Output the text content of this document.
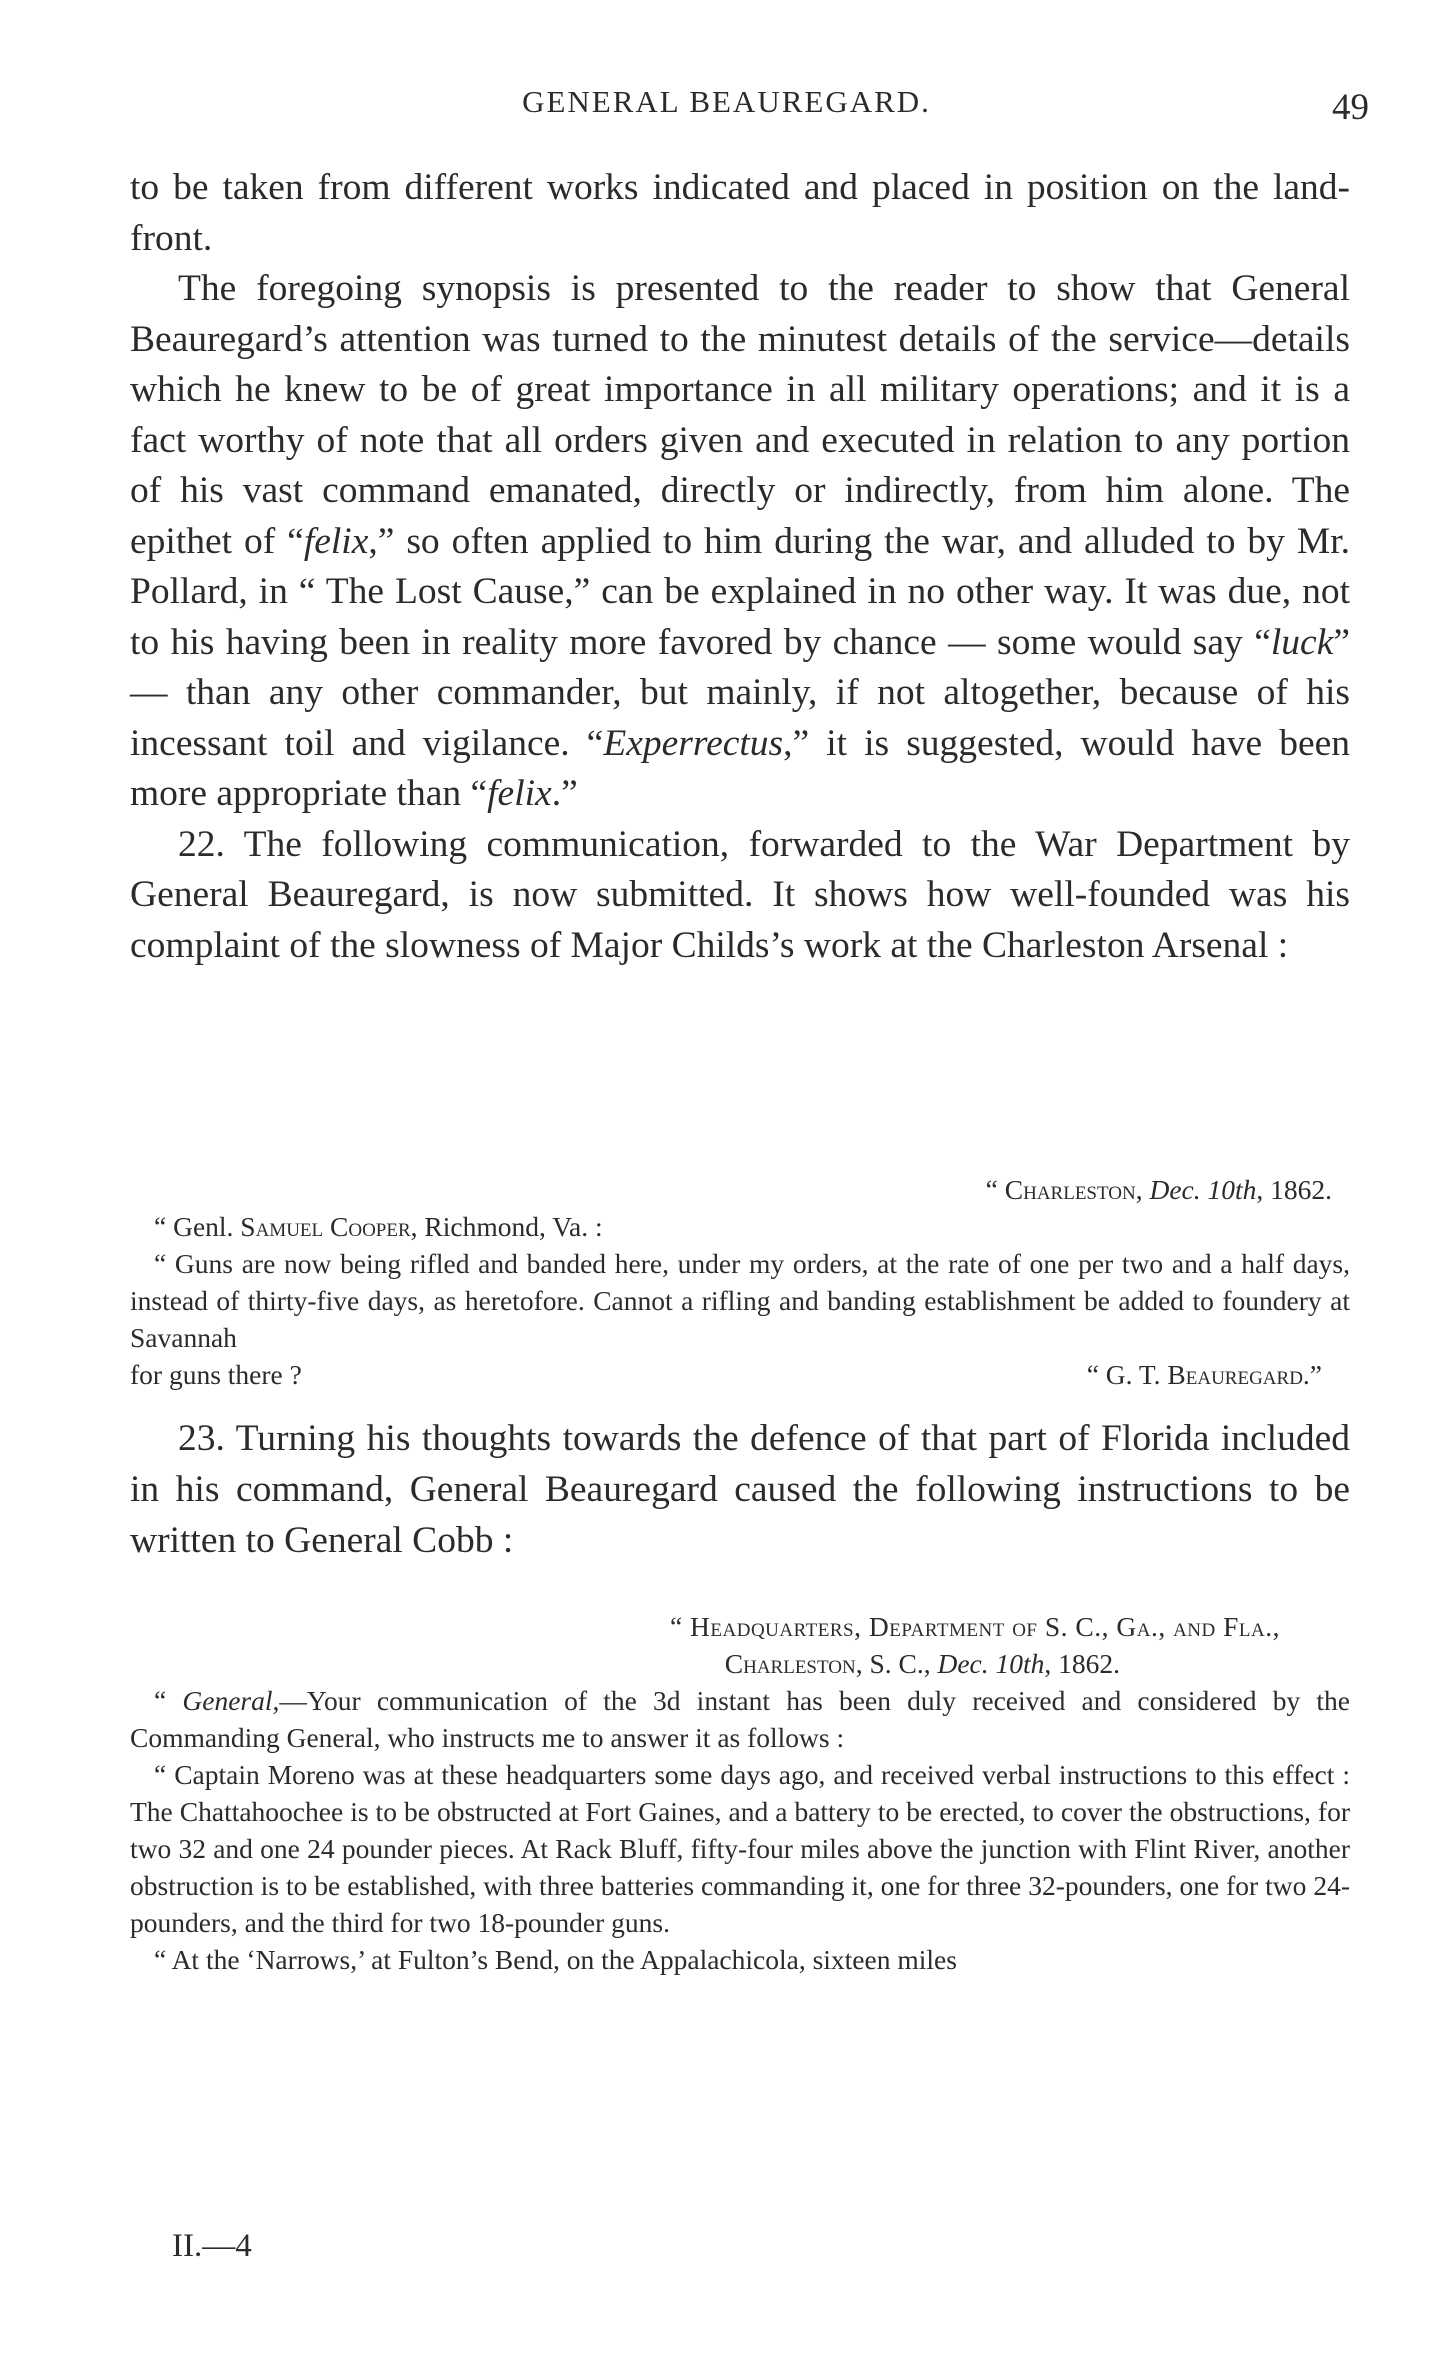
GENERAL BEAUREGARD.	49

to be taken from different works indicated and placed in position on the land-front.

The foregoing synopsis is presented to the reader to show that General Beauregard’s attention was turned to the minutest details of the service—details which he knew to be of great importance in all military operations; and it is a fact worthy of note that all orders given and executed in relation to any portion of his vast command emanated, directly or indirectly, from him alone. The epithet of “felix,” so often applied to him during the war, and alluded to by Mr. Pollard, in “ The Lost Cause,” can be explained in no other way. It was due, not to his having been in reality more favored by chance — some would say “luck” — than any other commander, but mainly, if not altogether, because of his incessant toil and vigilance. “Experrectus,” it is suggested, would have been more appropriate than “felix.”

22. The following communication, forwarded to the War Department by General Beauregard, is now submitted. It shows how well-founded was his complaint of the slowness of Major Childs’s work at the Charleston Arsenal :

“ Charleston, Dec. 10th, 1862.
“ Genl. Samuel Cooper, Richmond, Va. :

“ Guns are now being rifled and banded here, under my orders, at the rate of one per two and a half days, instead of thirty-five days, as heretofore. Cannot a rifling and banding establishment be added to foundery at Savannah

for guns there ?	“ G. T. Beauregard.”

23. Turning his thoughts towards the defence of that part of Florida included in his command, General Beauregard caused the following instructions to be written to General Cobb :

“ Headquarters, Department of S. C., Ga., and Fla.,
Charleston, S. C., Dec. 10th, 1862.

“ General,—Your communication of the 3d instant has been duly received and considered by the Commanding General, who instructs me to answer it as follows :

“ Captain Moreno was at these headquarters some days ago, and received verbal instructions to this effect : The Chattahoochee is to be obstructed at Fort Gaines, and a battery to be erected, to cover the obstructions, for two 32 and one 24 pounder pieces. At Rack Bluff, fifty-four miles above the junction with Flint River, another obstruction is to be established, with three batteries commanding it, one for three 32-pounders, one for two 24-pounders, and the third for two 18-pounder guns.

“ At the ‘Narrows,’ at Fulton’s Bend, on the Appalachicola, sixteen miles

II.—4
